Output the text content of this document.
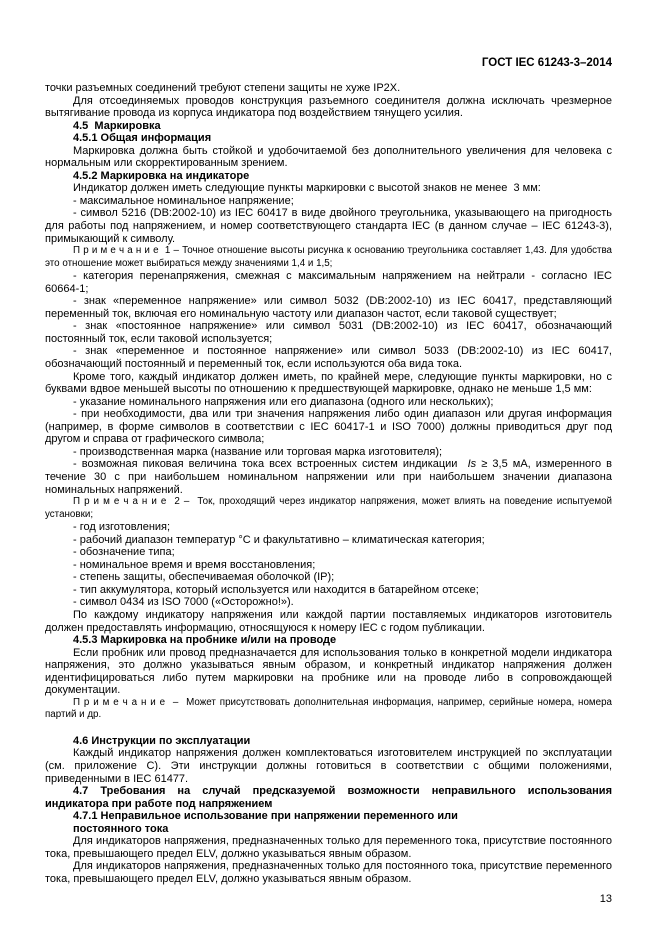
ГОСТ IEC 61243-3–2014

точки разъемных соединений требуют степени защиты не хуже IP2X.

Для отсоединяемых проводов конструкция разъемного соединителя должна исключать чрезмерное вытягивание провода из корпуса индикатора под воздействием тянущего усилия.

4.5  Маркировка

4.5.1 Общая информация

Маркировка должна быть стойкой и удобочитаемой без дополнительного увеличения для человека с нормальным или скорректированным зрением.

4.5.2 Маркировка на индикаторе

Индикатор должен иметь следующие пункты маркировки с высотой знаков не менее  3 мм:

- максимальное номинальное напряжение;

- символ 5216 (DB:2002-10) из IEC 60417 в виде двойного треугольника, указывающего на пригодность для работы под напряжением, и номер соответствующего стандарта IEC (в данном случае – IEC 61243-3), примыкающий к символу.

П р и м е ч а н и е  1 – Точное отношение высоты рисунка к основанию треугольника составляет 1,43. Для удобства это отношение может выбираться между значениями 1,4 и 1,5;

- категория перенапряжения, смежная с максимальным напряжением на нейтрали - согласно IEC 60664-1;

- знак «переменное напряжение» или символ 5032 (DB:2002-10) из IEC 60417, представляющий переменный ток, включая его номинальную частоту или диапазон частот, если таковой существует;

- знак «постоянное напряжение» или символ 5031 (DB:2002-10) из IEC 60417, обозначающий постоянный ток, если таковой используется;

- знак «переменное и постоянное напряжение» или символ 5033 (DB:2002-10) из IEC 60417, обозначающий постоянный и переменный ток, если используются оба вида тока.

Кроме того, каждый индикатор должен иметь, по крайней мере, следующие пункты маркировки, но с буквами вдвое меньшей высоты по отношению к предшествующей маркировке, однако не меньше 1,5 мм:

- указание номинального напряжения или его диапазона (одного или нескольких);

- при необходимости, два или три значения напряжения либо один диапазон или другая информация (например, в форме символов в соответствии с IEC 60417-1 и ISO 7000) должны приводиться друг под другом и справа от графического символа;

- производственная марка (название или торговая марка изготовителя);

- возможная пиковая величина тока всех встроенных систем индикации  Is ≥ 3,5 мА, измеренного в течение 30 с при наибольшем номинальном напряжении или при наибольшем значении диапазона номинальных напряжений.

П р и м е ч а н и е  2 –  Ток, проходящий через индикатор напряжения, может влиять на поведение испытуемой установки;

- год изготовления;

- рабочий диапазон температур °С и факультативно – климатическая категория;

- обозначение типа;

- номинальное время и время восстановления;

- степень защиты, обеспечиваемая оболочкой (IP);

- тип аккумулятора, который используется или находится в батарейном отсеке;

- символ 0434 из ISO 7000 («Осторожно!»).

По каждому индикатору напряжения или каждой партии поставляемых индикаторов изготовитель должен предоставлять информацию, относящуюся к номеру IEC с годом публикации.

4.5.3 Маркировка на пробнике и/или на проводе

Если пробник или провод предназначается для использования только в конкретной модели индикатора напряжения, это должно указываться явным образом, и конкретный индикатор напряжения должен идентифицироваться либо путем маркировки на пробнике или на проводе либо в сопровождающей документации.

П р и м е ч а н и е  –  Может присутствовать дополнительная информация, например, серийные номера, номера партий и др.

4.6 Инструкции по эксплуатации

Каждый индикатор напряжения должен комплектоваться изготовителем инструкцией по эксплуатации (см. приложение С). Эти инструкции должны готовиться в соответствии с общими положениями, приведенными в IEC 61477.

4.7 Требования на случай предсказуемой возможности неправильного использования индикатора при работе под напряжением

4.7.1 Неправильное использование при напряжении переменного или

постоянного тока

Для индикаторов напряжения, предназначенных только для переменного тока, присутствие постоянного тока, превышающего предел ELV, должно указываться явным образом.

Для индикаторов напряжения, предназначенных только для постоянного тока, присутствие переменного тока, превышающего предел ELV, должно указываться явным образом.

13
